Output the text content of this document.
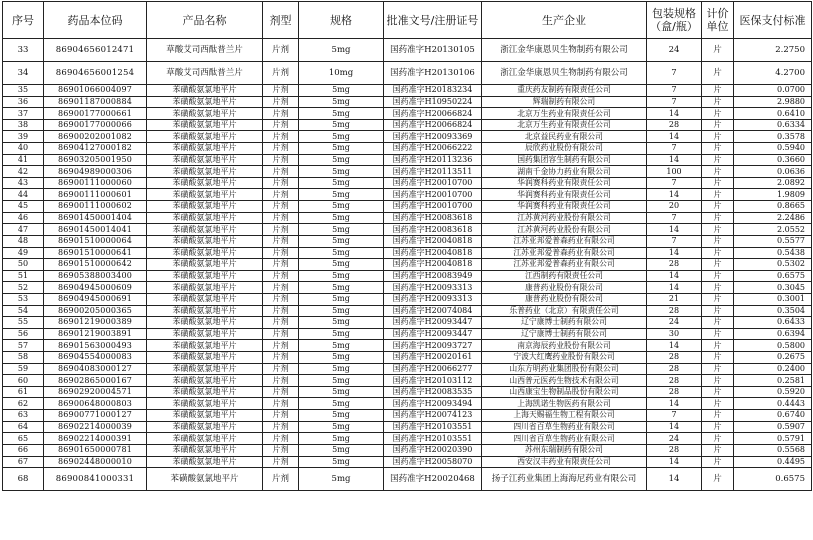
序号	药品本位码	产品名称	剂型	规格	批准文号/注册证号	生产企业	包装规格（盒/瓶）	计价单位	医保支付标准
33	86904656012471	草酸艾司西酞普兰片	片剂	5mg	国药准字H20130105	浙江金华康恩贝生物制药有限公司	24	片	2.2750
34	86904656001254	草酸艾司西酞普兰片	片剂	10mg	国药准字H20130106	浙江金华康恩贝生物制药有限公司	7	片	4.2700
35	86901066004097	苯磺酸氨氯地平片	片剂	5mg	国药准字H20183234	重庆药友制药有限责任公司	7	片	0.0700
36	86901187000884	苯磺酸氨氯地平片	片剂	5mg	国药准字H10950224	辉瑞制药有限公司	7	片	2.9880
37	86900177000661	苯磺酸氨氯地平片	片剂	5mg	国药准字H20066824	北京万生药业有限责任公司	14	片	0.6410
38	86900177000066	苯磺酸氨氯地平片	片剂	5mg	国药准字H20066824	北京万生药业有限责任公司	28	片	0.6334
39	86900202001082	苯磺酸氨氯地平片	片剂	5mg	国药准字H20093369	北京益民药业有限公司	14	片	0.3578
40	86904127000182	苯磺酸氨氯地平片	片剂	5mg	国药准字H20066222	辰欣药业股份有限公司	7	片	0.5940
41	86903205001950	苯磺酸氨氯地平片	片剂	5mg	国药准字H20113236	国药集团容生制药有限公司	14	片	0.3660
42	86904989000306	苯磺酸氨氯地平片	片剂	5mg	国药准字H20113511	湖南千金协力药业有限公司	100	片	0.0636
43	86900111000060	苯磺酸氨氯地平片	片剂	5mg	国药准字H20010700	华润赛科药业有限责任公司	7	片	2.0892
44	86900111000601	苯磺酸氨氯地平片	片剂	5mg	国药准字H20010700	华润赛科药业有限责任公司	14	片	1.9809
45	86900111000602	苯磺酸氨氯地平片	片剂	5mg	国药准字H20010700	华润赛科药业有限责任公司	20	片	0.8665
46	86901450001404	苯磺酸氨氯地平片	片剂	5mg	国药准字H20083618	江苏黄河药业股份有限公司	7	片	2.2486
47	86901450014041	苯磺酸氨氯地平片	片剂	5mg	国药准字H20083618	江苏黄河药业股份有限公司	14	片	2.0552
48	86901510000064	苯磺酸氨氯地平片	片剂	5mg	国药准字H20040818	江苏亚邦爱普森药业有限公司	7	片	0.5577
49	86901510000641	苯磺酸氨氯地平片	片剂	5mg	国药准字H20040818	江苏亚邦爱普森药业有限公司	14	片	0.5438
50	86901510000642	苯磺酸氨氯地平片	片剂	5mg	国药准字H20040818	江苏亚邦爱普森药业有限公司	28	片	0.5302
51	86905388003400	苯磺酸氨氯地平片	片剂	5mg	国药准字H20083949	江西制药有限责任公司	14	片	0.6575
52	86904945000609	苯磺酸氨氯地平片	片剂	5mg	国药准字H20093313	康普药业股份有限公司	14	片	0.3045
53	86904945000691	苯磺酸氨氯地平片	片剂	5mg	国药准字H20093313	康普药业股份有限公司	21	片	0.3001
54	86900205000365	苯磺酸氨氯地平片	片剂	5mg	国药准字H20074084	乐普药业（北京）有限责任公司	28	片	0.3504
55	86901219000389	苯磺酸氨氯地平片	片剂	5mg	国药准字H20093447	辽宁康博士制药有限公司	24	片	0.6433
56	86901219003891	苯磺酸氨氯地平片	片剂	5mg	国药准字H20093447	辽宁康博士制药有限公司	30	片	0.6394
57	86901563000493	苯磺酸氨氯地平片	片剂	5mg	国药准字H20093727	南京海辰药业股份有限公司	14	片	0.5800
58	86904554000083	苯磺酸氨氯地平片	片剂	5mg	国药准字H20020161	宁波大红鹰药业股份有限公司	28	片	0.2675
59	86904083000127	苯磺酸氨氯地平片	片剂	5mg	国药准字H20066277	山东方明药业集团股份有限公司	28	片	0.2400
60	86902865000167	苯磺酸氨氯地平片	片剂	5mg	国药准字H20103112	山西普元医药生物技术有限公司	28	片	0.2581
61	86902920004571	苯磺酸氨氯地平片	片剂	5mg	国药准字H20083535	山西康宝生物制品股份有限公司	28	片	0.5920
62	86900648000803	苯磺酸氨氯地平片	片剂	5mg	国药准字H20093494	上海凯诺生物医药有限公司	14	片	0.4443
63	86900771000127	苯磺酸氨氯地平片	片剂	5mg	国药准字H20074123	上海天赐福生物工程有限公司	7	片	0.6740
64	86902214000039	苯磺酸氨氯地平片	片剂	5mg	国药准字H20103551	四川省百草生物药业有限公司	14	片	0.5907
65	86902214000391	苯磺酸氨氯地平片	片剂	5mg	国药准字H20103551	四川省百草生物药业有限公司	24	片	0.5791
66	86901650000781	苯磺酸氨氯地平片	片剂	5mg	国药准字H20020390	苏州东瑞制药有限公司	28	片	0.5568
67	86902448000010	苯磺酸氨氯地平片	片剂	5mg	国药准字H20058070	西安汉丰药业有限责任公司	14	片	0.4495
68	86900841000331	苯磺酸氨氯地平片	片剂	5mg	国药准字H20020468	扬子江药业集团上海海尼药业有限公司	14	片	0.6575
